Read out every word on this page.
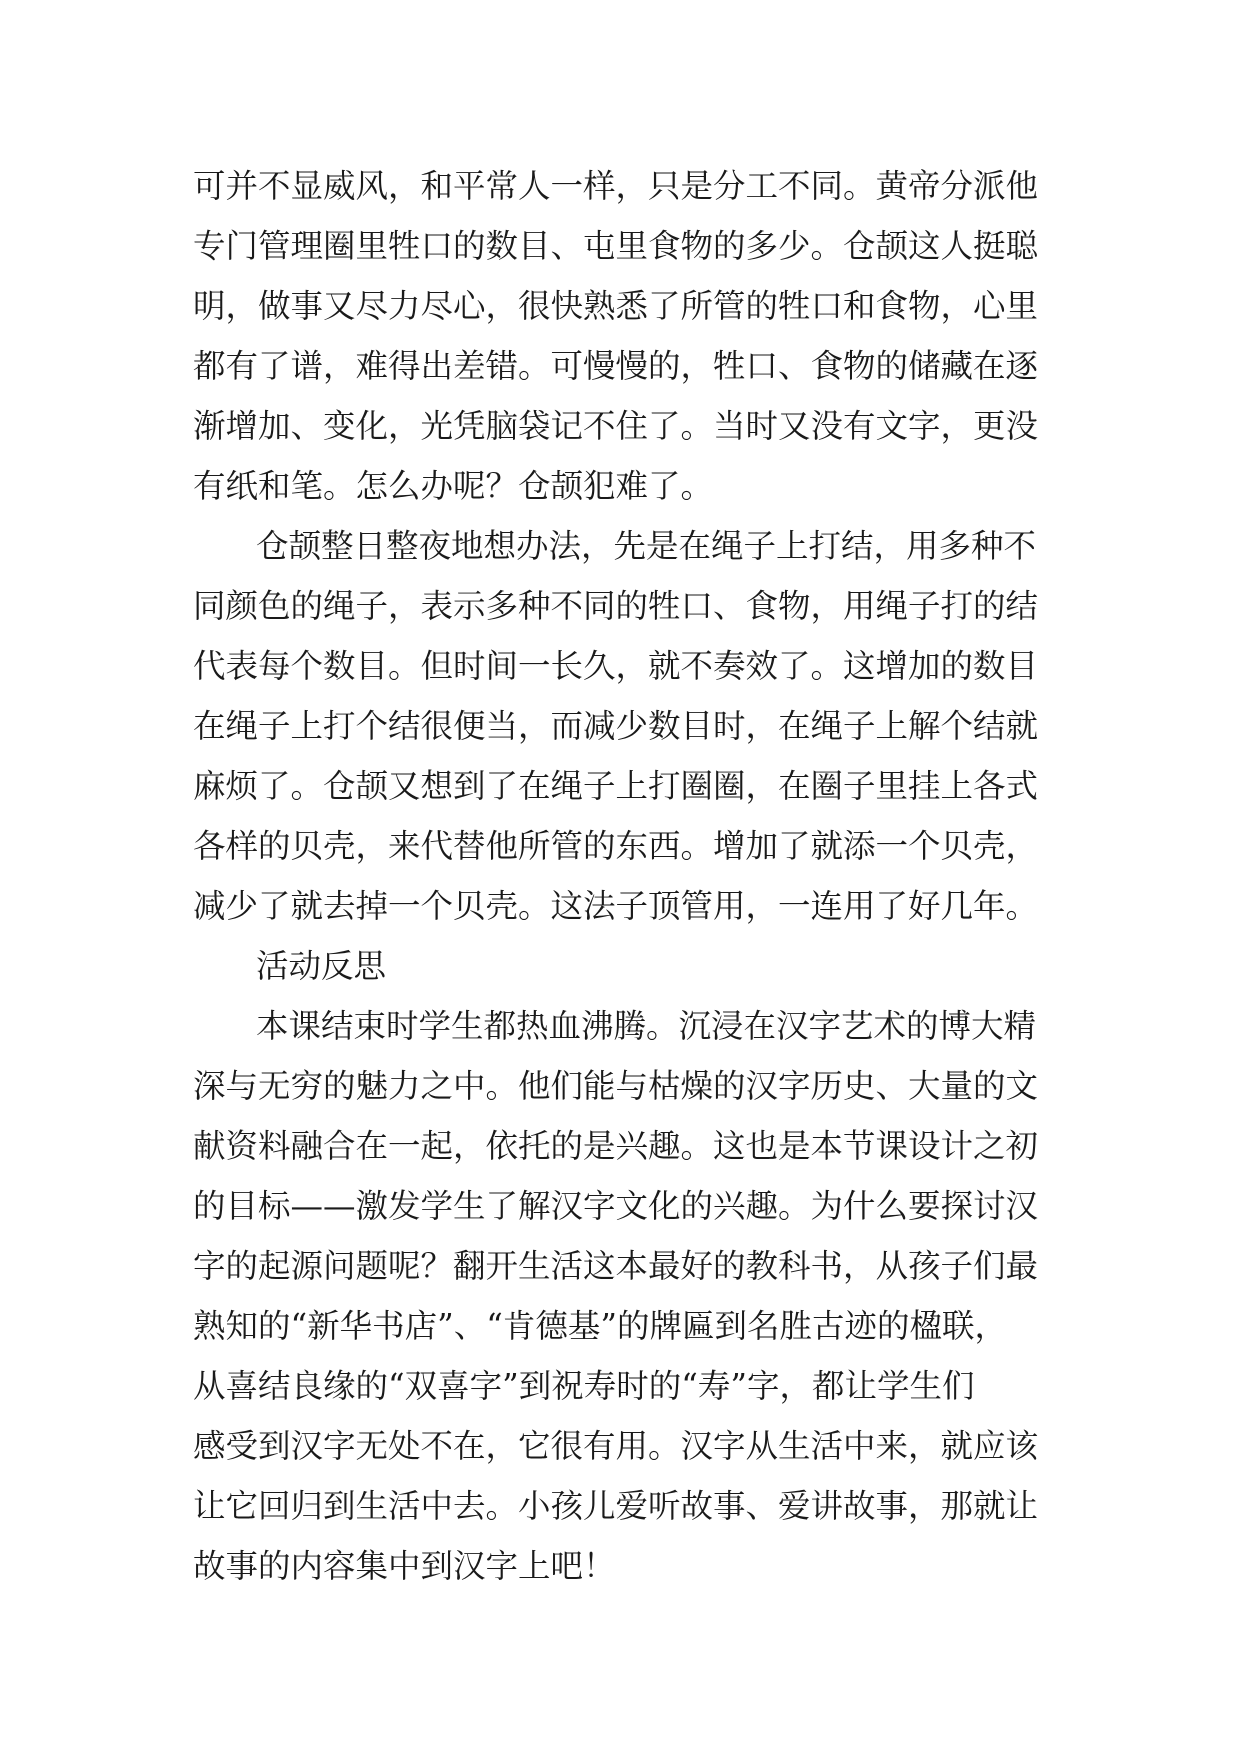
可并不显威风，和平常人一样，只是分工不同。黄帝分派他
专门管理圈里牲口的数目、屯里食物的多少。仓颉这人挺聪
明，做事又尽力尽心，很快熟悉了所管的牲口和食物，心里
都有了谱，难得出差错。可慢慢的，牲口、食物的储藏在逐
渐增加、变化，光凭脑袋记不住了。当时又没有文字，更没
有纸和笔。怎么办呢？仓颉犯难了。
仓颉整日整夜地想办法，先是在绳子上打结，用多种不
同颜色的绳子，表示多种不同的牲口、食物，用绳子打的结
代表每个数目。但时间一长久，就不奏效了。这增加的数目
在绳子上打个结很便当，而减少数目时，在绳子上解个结就
麻烦了。仓颉又想到了在绳子上打圈圈，在圈子里挂上各式
各样的贝壳，来代替他所管的东西。增加了就添一个贝壳，
减少了就去掉一个贝壳。这法子顶管用，一连用了好几年。
活动反思
本课结束时学生都热血沸腾。沉浸在汉字艺术的博大精
深与无穷的魅力之中。他们能与枯燥的汉字历史、大量的文
献资料融合在一起，依托的是兴趣。这也是本节课设计之初
的目标——激发学生了解汉字文化的兴趣。为什么要探讨汉
字的起源问题呢？翻开生活这本最好的教科书，从孩子们最
熟知的“新华书店”、“肯德基”的牌匾到名胜古迹的楹联，
从喜结良缘的“双喜字”到祝寿时的“寿”字，都让学生们
感受到汉字无处不在，它很有用。汉字从生活中来，就应该
让它回归到生活中去。小孩儿爱听故事、爱讲故事，那就让
故事的内容集中到汉字上吧！
